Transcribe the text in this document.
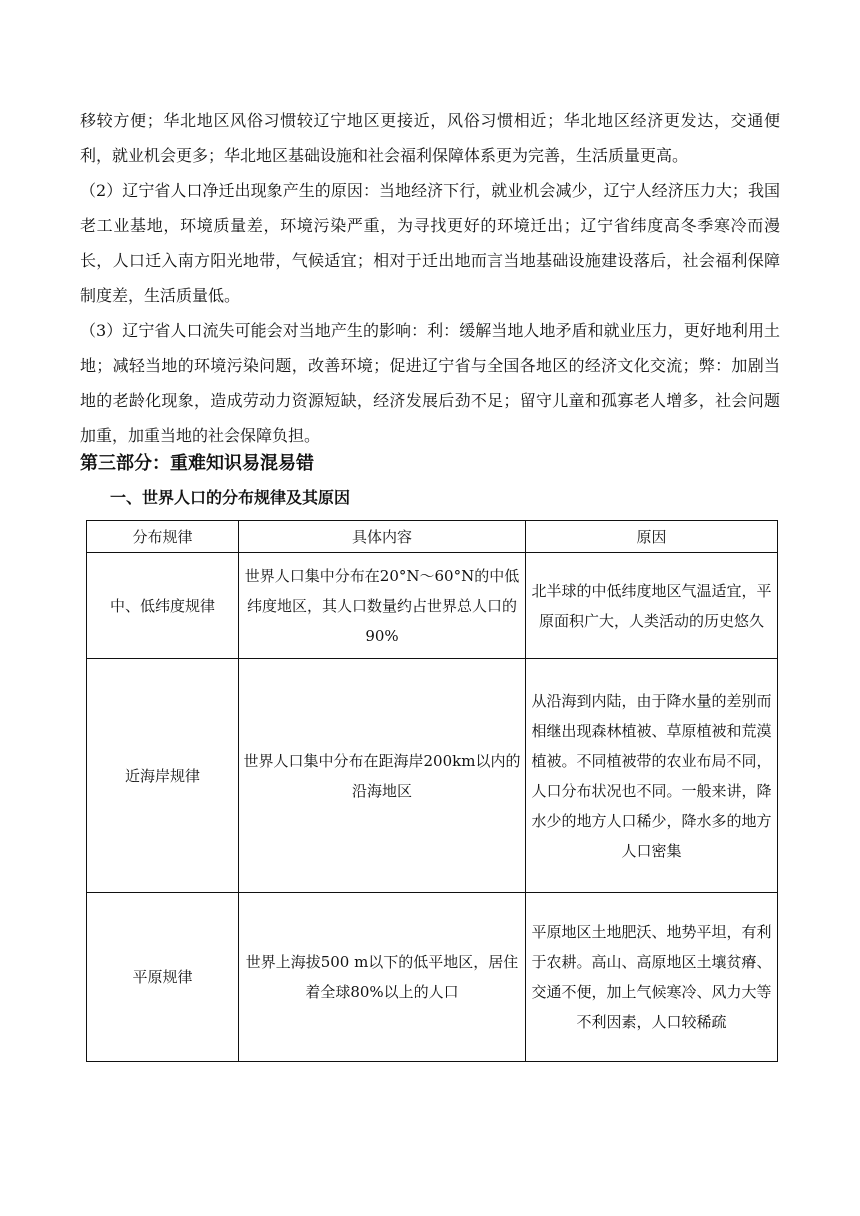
移较方便；华北地区风俗习惯较辽宁地区更接近，风俗习惯相近；华北地区经济更发达，交通便利，就业机会更多；华北地区基础设施和社会福利保障体系更为完善，生活质量更高。

（2）辽宁省人口净迁出现象产生的原因：当地经济下行，就业机会减少，辽宁人经济压力大；我国老工业基地，环境质量差，环境污染严重，为寻找更好的环境迁出；辽宁省纬度高冬季寒冷而漫长，人口迁入南方阳光地带，气候适宜；相对于迁出地而言当地基础设施建设落后，社会福利保障制度差，生活质量低。

（3）辽宁省人口流失可能会对当地产生的影响：利：缓解当地人地矛盾和就业压力，更好地利用土地；减轻当地的环境污染问题，改善环境；促进辽宁省与全国各地区的经济文化交流；弊：加剧当地的老龄化现象，造成劳动力资源短缺，经济发展后劲不足；留守儿童和孤寡老人增多，社会问题加重，加重当地的社会保障负担。

第三部分：重难知识易混易错
一、世界人口的分布规律及其原因
分布规律	具体内容	原因
中、低纬度规律	世界人口集中分布在20°N～60°N的中低纬度地区，其人口数量约占世界总人口的90%	北半球的中低纬度地区气温适宜，平原面积广大，人类活动的历史悠久
近海岸规律	世界人口集中分布在距海岸200km以内的沿海地区	从沿海到内陆，由于降水量的差别而相继出现森林植被、草原植被和荒漠植被。不同植被带的农业布局不同，人口分布状况也不同。一般来讲，降水少的地方人口稀少，降水多的地方人口密集
平原规律	世界上海拔500 m以下的低平地区，居住着全球80%以上的人口	平原地区土地肥沃、地势平坦，有利于农耕。高山、高原地区土壤贫瘠、交通不便，加上气候寒冷、风力大等不利因素，人口较稀疏
